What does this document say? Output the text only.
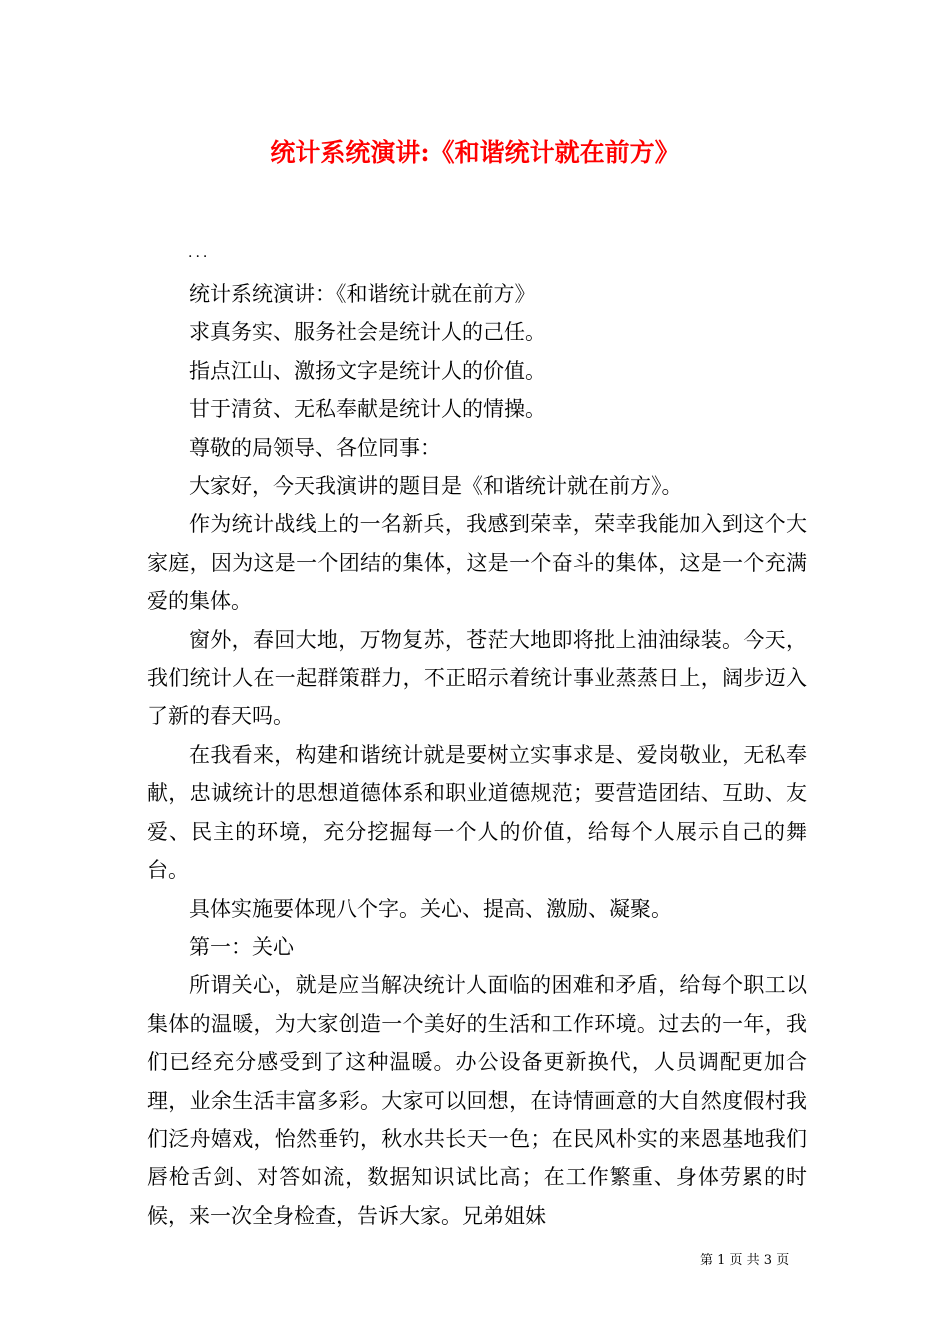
统计系统演讲:《和谐统计就在前方》
...

统计系统演讲：《和谐统计就在前方》

求真务实、服务社会是统计人的己任。

指点江山、激扬文字是统计人的价值。

甘于清贫、无私奉献是统计人的情操。

尊敬的局领导、各位同事：

大家好，今天我演讲的题目是《和谐统计就在前方》。

作为统计战线上的一名新兵，我感到荣幸，荣幸我能加入到这个大家庭，因为这是一个团结的集体，这是一个奋斗的集体，这是一个充满爱的集体。

窗外，春回大地，万物复苏，苍茫大地即将批上油油绿装。今天，我们统计人在一起群策群力，不正昭示着统计事业蒸蒸日上，阔步迈入了新的春天吗。

在我看来，构建和谐统计就是要树立实事求是、爱岗敬业，无私奉献，忠诚统计的思想道德体系和职业道德规范；要营造团结、互助、友爱、民主的环境，充分挖掘每一个人的价值，给每个人展示自己的舞台。

具体实施要体现八个字。关心、提高、激励、凝聚。

第一：关心

所谓关心，就是应当解决统计人面临的困难和矛盾，给每个职工以集体的温暖，为大家创造一个美好的生活和工作环境。过去的一年，我们已经充分感受到了这种温暖。办公设备更新换代，人员调配更加合理，业余生活丰富多彩。大家可以回想，在诗情画意的大自然度假村我们泛舟嬉戏，怡然垂钓，秋水共长天一色；在民风朴实的来恩基地我们唇枪舌剑、对答如流，数据知识试比高；在工作繁重、身体劳累的时候，来一次全身检查，告诉大家。兄弟姐妹

第 1 页 共 3 页
